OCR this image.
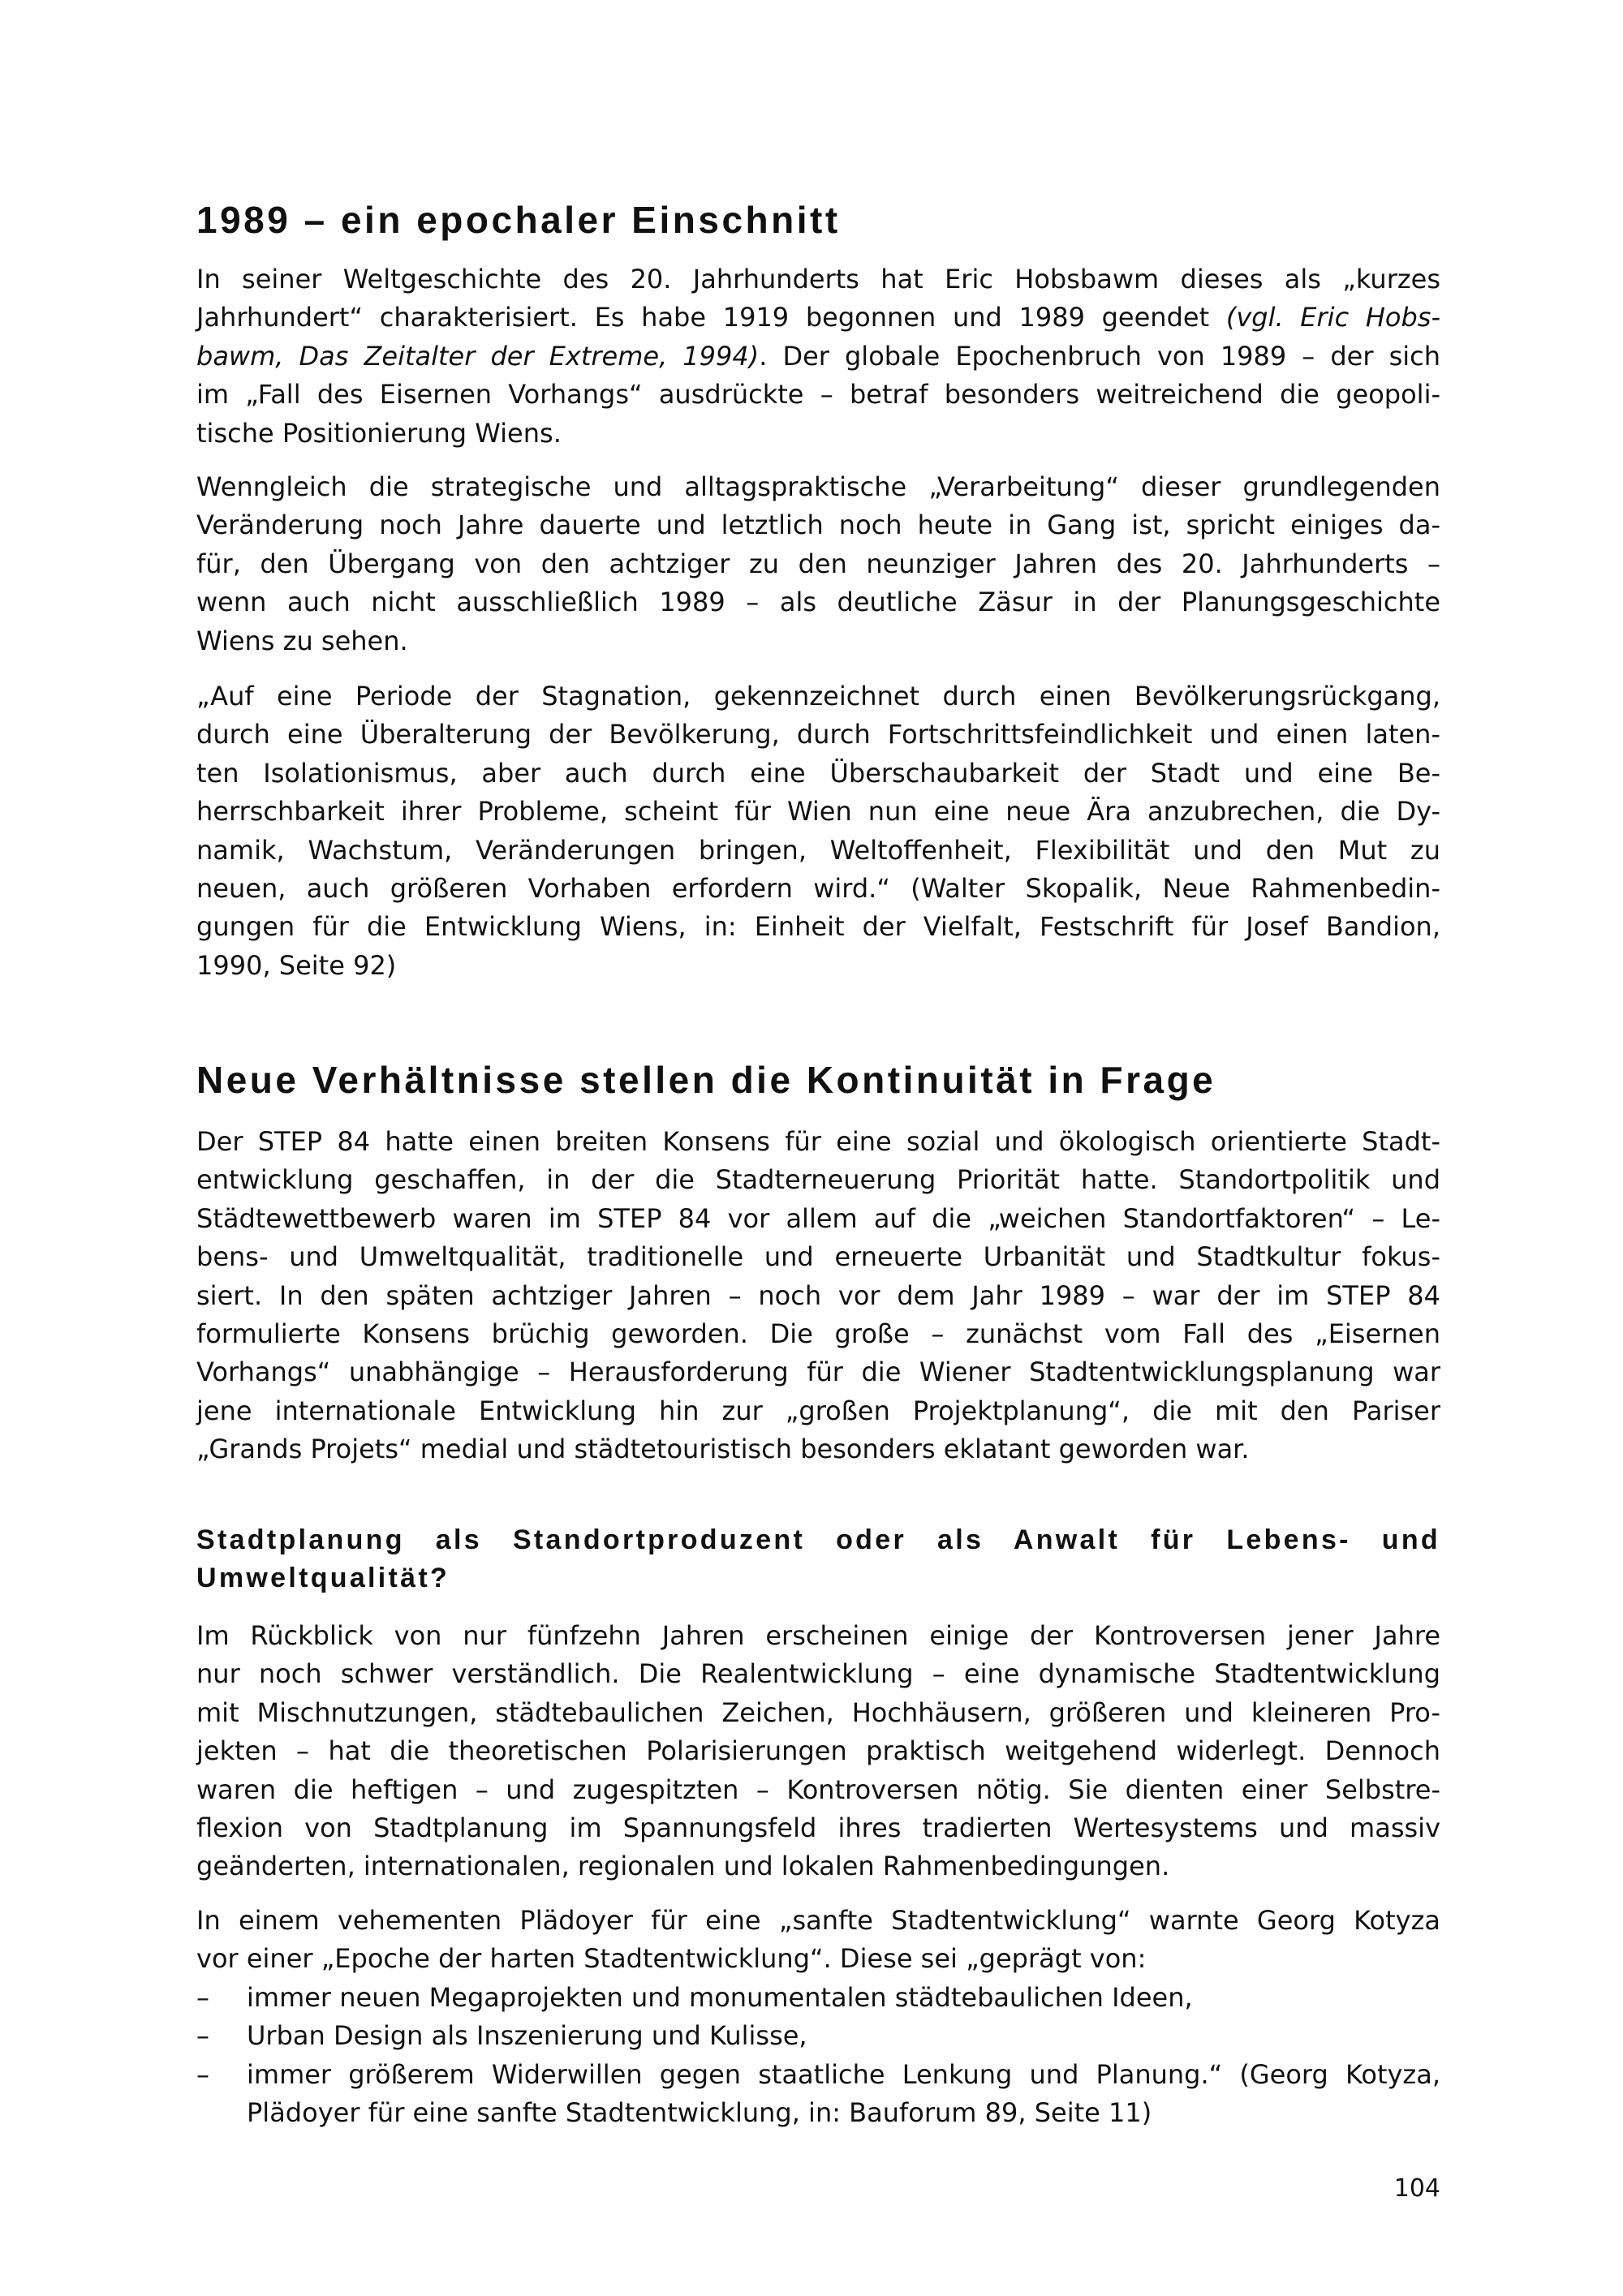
1989 – ein epochaler Einschnitt
In seiner Weltgeschichte des 20. Jahrhunderts hat Eric Hobsbawm dieses als „kurzes
Jahrhundert“ charakterisiert. Es habe 1919 begonnen und 1989 geendet (vgl. Eric Hobs-
bawm, Das Zeitalter der Extreme, 1994). Der globale Epochenbruch von 1989 – der sich
im „Fall des Eisernen Vorhangs“ ausdrückte – betraf besonders weitreichend die geopoli-
tische Positionierung Wiens.
Wenngleich die strategische und alltagspraktische „Verarbeitung“ dieser grundlegenden
Veränderung noch Jahre dauerte und letztlich noch heute in Gang ist, spricht einiges da-
für, den Übergang von den achtziger zu den neunziger Jahren des 20. Jahrhunderts –
wenn auch nicht ausschließlich 1989 – als deutliche Zäsur in der Planungsgeschichte
Wiens zu sehen.
„Auf eine Periode der Stagnation, gekennzeichnet durch einen Bevölkerungsrückgang,
durch eine Überalterung der Bevölkerung, durch Fortschrittsfeindlichkeit und einen laten-
ten Isolationismus, aber auch durch eine Überschaubarkeit der Stadt und eine Be-
herrschbarkeit ihrer Probleme, scheint für Wien nun eine neue Ära anzubrechen, die Dy-
namik, Wachstum, Veränderungen bringen, Weltoffenheit, Flexibilität und den Mut zu
neuen, auch größeren Vorhaben erfordern wird.“ (Walter Skopalik, Neue Rahmenbedin-
gungen für die Entwicklung Wiens, in: Einheit der Vielfalt, Festschrift für Josef Bandion,
1990, Seite 92)
Neue Verhältnisse stellen die Kontinuität in Frage
Der STEP 84 hatte einen breiten Konsens für eine sozial und ökologisch orientierte Stadt-
entwicklung geschaffen, in der die Stadterneuerung Priorität hatte. Standortpolitik und
Städtewettbewerb waren im STEP 84 vor allem auf die „weichen Standortfaktoren“ – Le-
bens- und Umweltqualität, traditionelle und erneuerte Urbanität und Stadtkultur fokus-
siert. In den späten achtziger Jahren – noch vor dem Jahr 1989 – war der im STEP 84
formulierte Konsens brüchig geworden. Die große – zunächst vom Fall des „Eisernen
Vorhangs“ unabhängige – Herausforderung für die Wiener Stadtentwicklungsplanung war
jene internationale Entwicklung hin zur „großen Projektplanung“, die mit den Pariser
„Grands Projets“ medial und städtetouristisch besonders eklatant geworden war.
Stadtplanung als Standortproduzent oder als Anwalt für Lebens- und
Umweltqualität?
Im Rückblick von nur fünfzehn Jahren erscheinen einige der Kontroversen jener Jahre
nur noch schwer verständlich. Die Realentwicklung – eine dynamische Stadtentwicklung
mit Mischnutzungen, städtebaulichen Zeichen, Hochhäusern, größeren und kleineren Pro-
jekten – hat die theoretischen Polarisierungen praktisch weitgehend widerlegt. Dennoch
waren die heftigen – und zugespitzten – Kontroversen nötig. Sie dienten einer Selbstre-
flexion von Stadtplanung im Spannungsfeld ihres tradierten Wertesystems und massiv
geänderten, internationalen, regionalen und lokalen Rahmenbedingungen.
In einem vehementen Plädoyer für eine „sanfte Stadtentwicklung“ warnte Georg Kotyza
vor einer „Epoche der harten Stadtentwicklung“. Diese sei „geprägt von:
–	immer neuen Megaprojekten und monumentalen städtebaulichen Ideen,
–	Urban Design als Inszenierung und Kulisse,
–	immer größerem Widerwillen gegen staatliche Lenkung und Planung.“ (Georg Kotyza,
Plädoyer für eine sanfte Stadtentwicklung, in: Bauforum 89, Seite 11)
104
